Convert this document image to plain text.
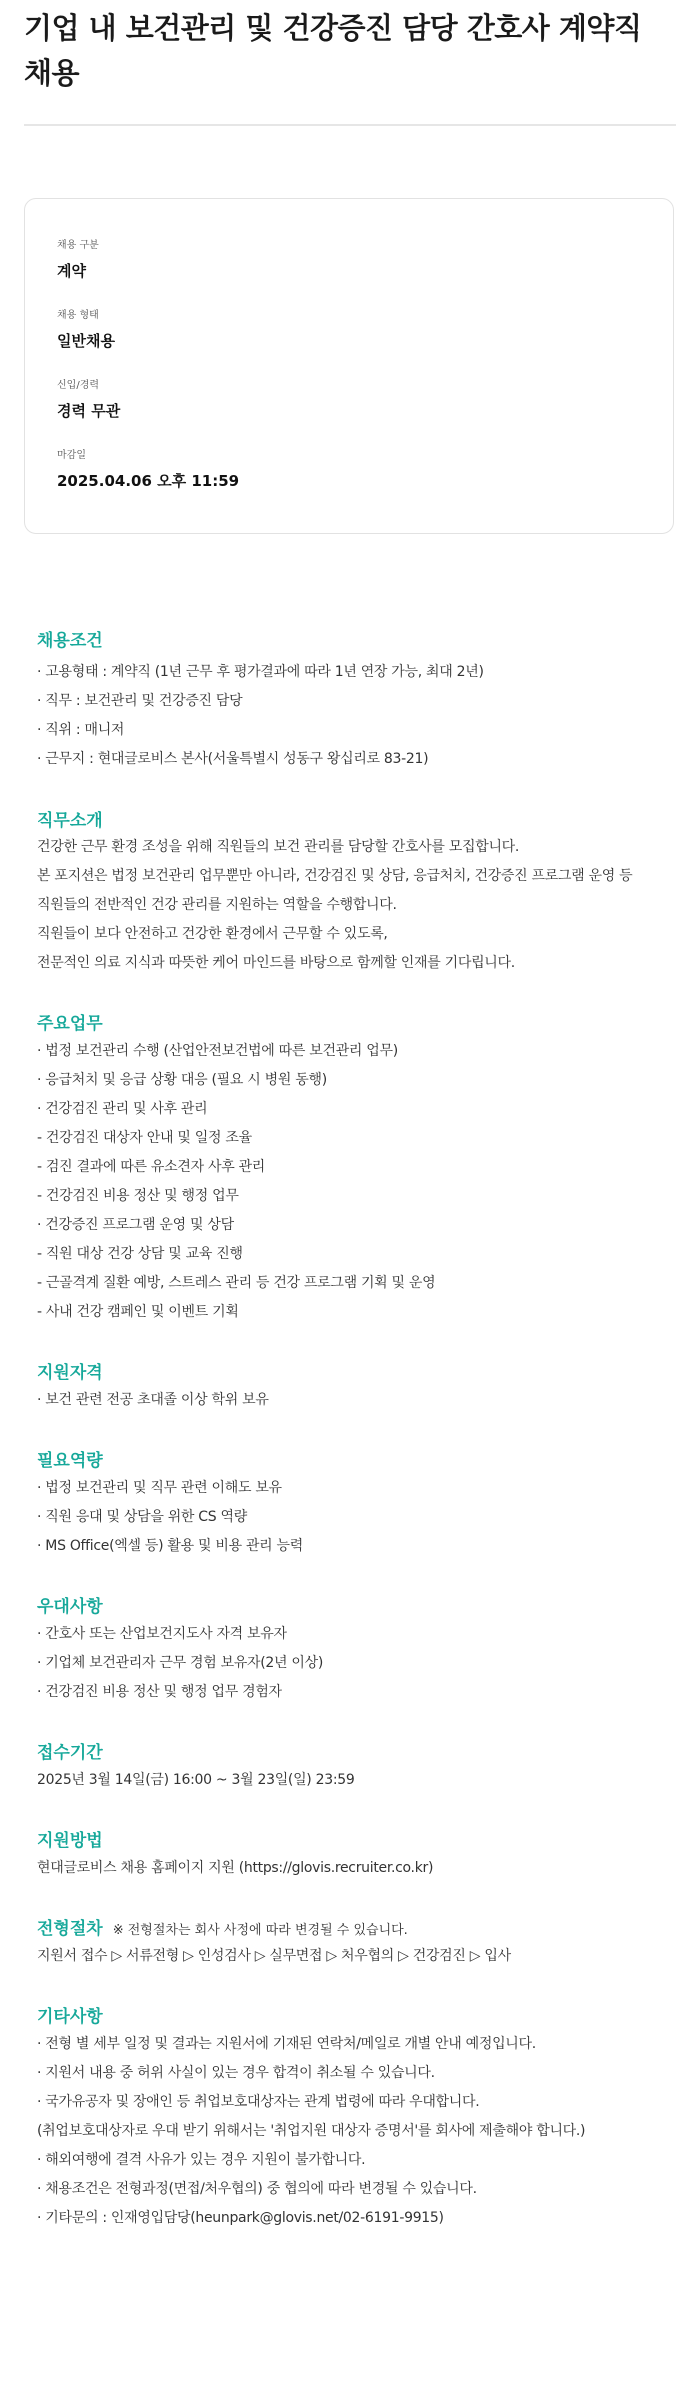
기업 내 보건관리 및 건강증진 담당 간호사 계약직 채용
채용 구분
계약
채용 형태
일반채용
신입/경력
경력 무관
마감일
2025.04.06 오후 11:59
채용조건
· 고용형태 : 계약직 (1년 근무 후 평가결과에 따라 1년 연장 가능, 최대 2년)
· 직무 : 보건관리 및 건강증진 담당
· 직위 : 매니저
· 근무지 : 현대글로비스 본사(서울특별시 성동구 왕십리로 83-21)
직무소개
건강한 근무 환경 조성을 위해 직원들의 보건 관리를 담당할 간호사를 모집합니다.
본 포지션은 법정 보건관리 업무뿐만 아니라, 건강검진 및 상담, 응급처치, 건강증진 프로그램 운영 등
직원들의 전반적인 건강 관리를 지원하는 역할을 수행합니다.
직원들이 보다 안전하고 건강한 환경에서 근무할 수 있도록,
전문적인 의료 지식과 따뜻한 케어 마인드를 바탕으로 함께할 인재를 기다립니다.
주요업무
· 법정 보건관리 수행 (산업안전보건법에 따른 보건관리 업무)
· 응급처치 및 응급 상황 대응 (필요 시 병원 동행)
· 건강검진 관리 및 사후 관리
- 건강검진 대상자 안내 및 일정 조율
- 검진 결과에 따른 유소견자 사후 관리
- 건강검진 비용 정산 및 행정 업무
· 건강증진 프로그램 운영 및 상담
- 직원 대상 건강 상담 및 교육 진행
- 근골격계 질환 예방, 스트레스 관리 등 건강 프로그램 기획 및 운영
- 사내 건강 캠페인 및 이벤트 기획
지원자격
· 보건 관련 전공 초대졸 이상 학위 보유
필요역량
· 법정 보건관리 및 직무 관련 이해도 보유
· 직원 응대 및 상담을 위한 CS 역량
· MS Office(엑셀 등) 활용 및 비용 관리 능력
우대사항
· 간호사 또는 산업보건지도사 자격 보유자
· 기업체 보건관리자 근무 경험 보유자(2년 이상)
· 건강검진 비용 정산 및 행정 업무 경험자
접수기간
2025년 3월 14일(금) 16:00 ~ 3월 23일(일) 23:59
지원방법
현대글로비스 채용 홈페이지 지원 (https://glovis.recruiter.co.kr)
전형절차 ※ 전형절차는 회사 사정에 따라 변경될 수 있습니다.
지원서 접수 ▷ 서류전형 ▷ 인성검사 ▷ 실무면접 ▷ 처우협의 ▷ 건강검진 ▷ 입사
기타사항
· 전형 별 세부 일정 및 결과는 지원서에 기재된 연락처/메일로 개별 안내 예정입니다.
· 지원서 내용 중 허위 사실이 있는 경우 합격이 취소될 수 있습니다.
· 국가유공자 및 장애인 등 취업보호대상자는 관계 법령에 따라 우대합니다.
(취업보호대상자로 우대 받기 위해서는 '취업지원 대상자 증명서'를 회사에 제출해야 합니다.)
· 해외여행에 결격 사유가 있는 경우 지원이 불가합니다.
· 채용조건은 전형과정(면접/처우협의) 중 협의에 따라 변경될 수 있습니다.
· 기타문의 : 인재영입담당(heunpark@glovis.net/02-6191-9915)
